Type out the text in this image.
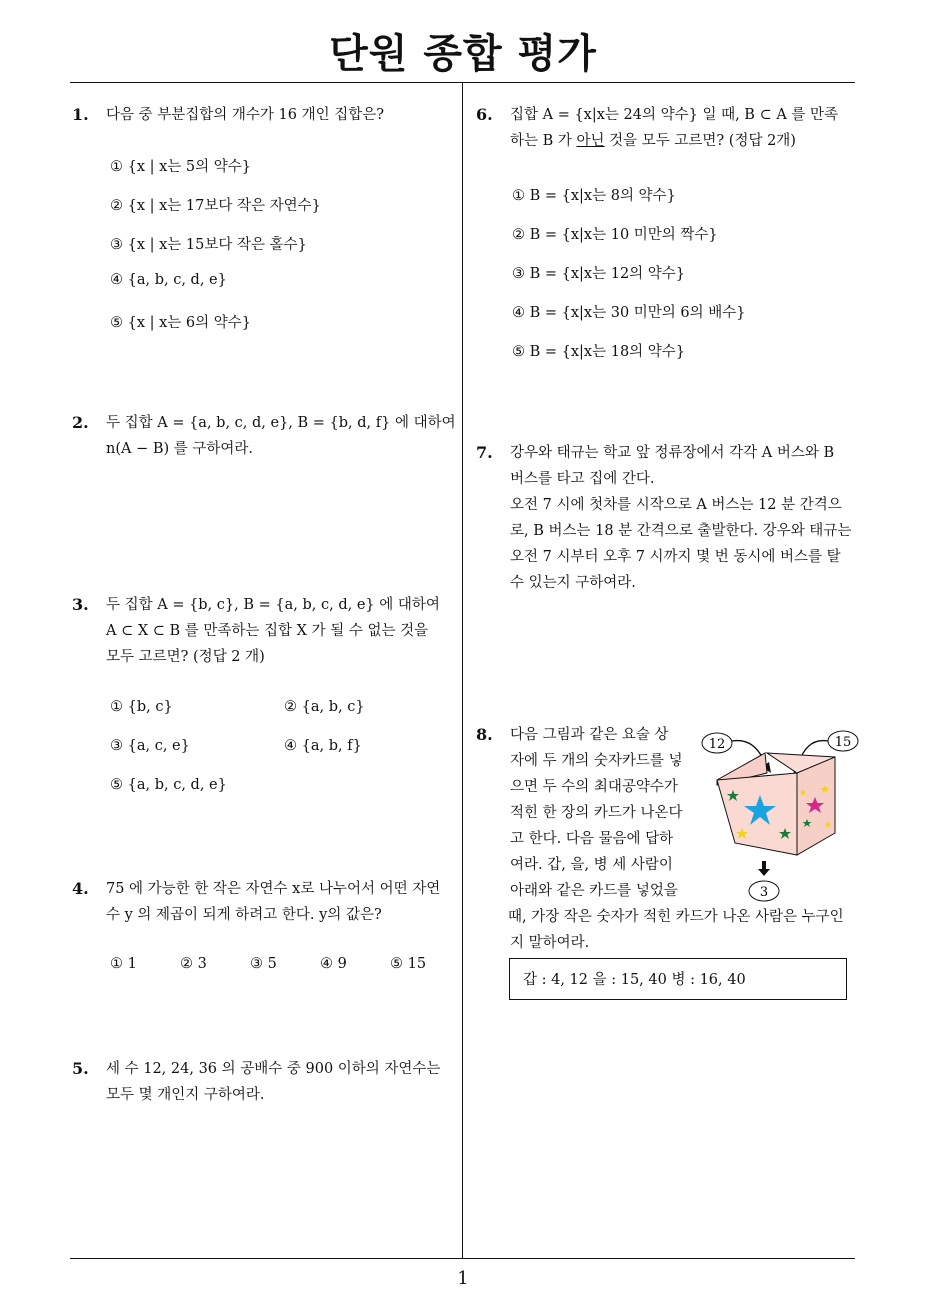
단원 종합 평가
1
1. 다음 중 부분집합의 개수가 16 개인 집합은?
① {x | x는 5의 약수}
② {x | x는 17보다 작은 자연수}
③ {x | x는 15보다 작은 홀수}
④ {a, b, c, d, e}
⑤ {x | x는 6의 약수}
2. 두 집합 A = {a, b, c, d, e}, B = {b, d, f} 에 대하여
n(A − B) 를 구하여라.
3. 두 집합 A = {b, c}, B = {a, b, c, d, e} 에 대하여
A ⊂ X ⊂ B 를 만족하는 집합 X 가 될 수 없는 것을
모두 고르면? (정답 2 개)
① {b, c}	② {a, b, c}
③ {a, c, e}	④ {a, b, f}
⑤ {a, b, c, d, e}
4. 75 에 가능한 한 작은 자연수 x로 나누어서 어떤 자연
수 y 의 제곱이 되게 하려고 한다. y의 값은?
① 1	② 3	③ 5	④ 9	⑤ 15
5. 세 수 12, 24, 36 의 공배수 중 900 이하의 자연수는
모두 몇 개인지 구하여라.
6. 집합 A = {x|x는 24의 약수} 일 때, B ⊂ A 를 만족
하는 B 가 아닌 것을 모두 고르면? (정답 2개)
① B = {x|x는 8의 약수}
② B = {x|x는 10 미만의 짝수}
③ B = {x|x는 12의 약수}
④ B = {x|x는 30 미만의 6의 배수}
⑤ B = {x|x는 18의 약수}
7. 강우와 태규는 학교 앞 정류장에서 각각 A 버스와 B
버스를 타고 집에 간다.
오전 7 시에 첫차를 시작으로 A 버스는 12 분 간격으
로, B 버스는 18 분 간격으로 출발한다. 강우와 태규는
오전 7 시부터 오후 7 시까지 몇 번 동시에 버스를 탈
수 있는지 구하여라.
8. 다음 그림과 같은 요술 상
자에 두 개의 숫자카드를 넣
으면 두 수의 최대공약수가
적힌 한 장의 카드가 나온다
고 한다. 다음 물음에 답하
여라. 갑, 을, 병 세 사람이
아래와 같은 카드를 넣었을
때, 가장 작은 숫자가 적힌 카드가 나온 사람은 누구인
지 말하여라.
12	15
3
갑 : 4, 12 을 : 15, 40 병 : 16, 40
